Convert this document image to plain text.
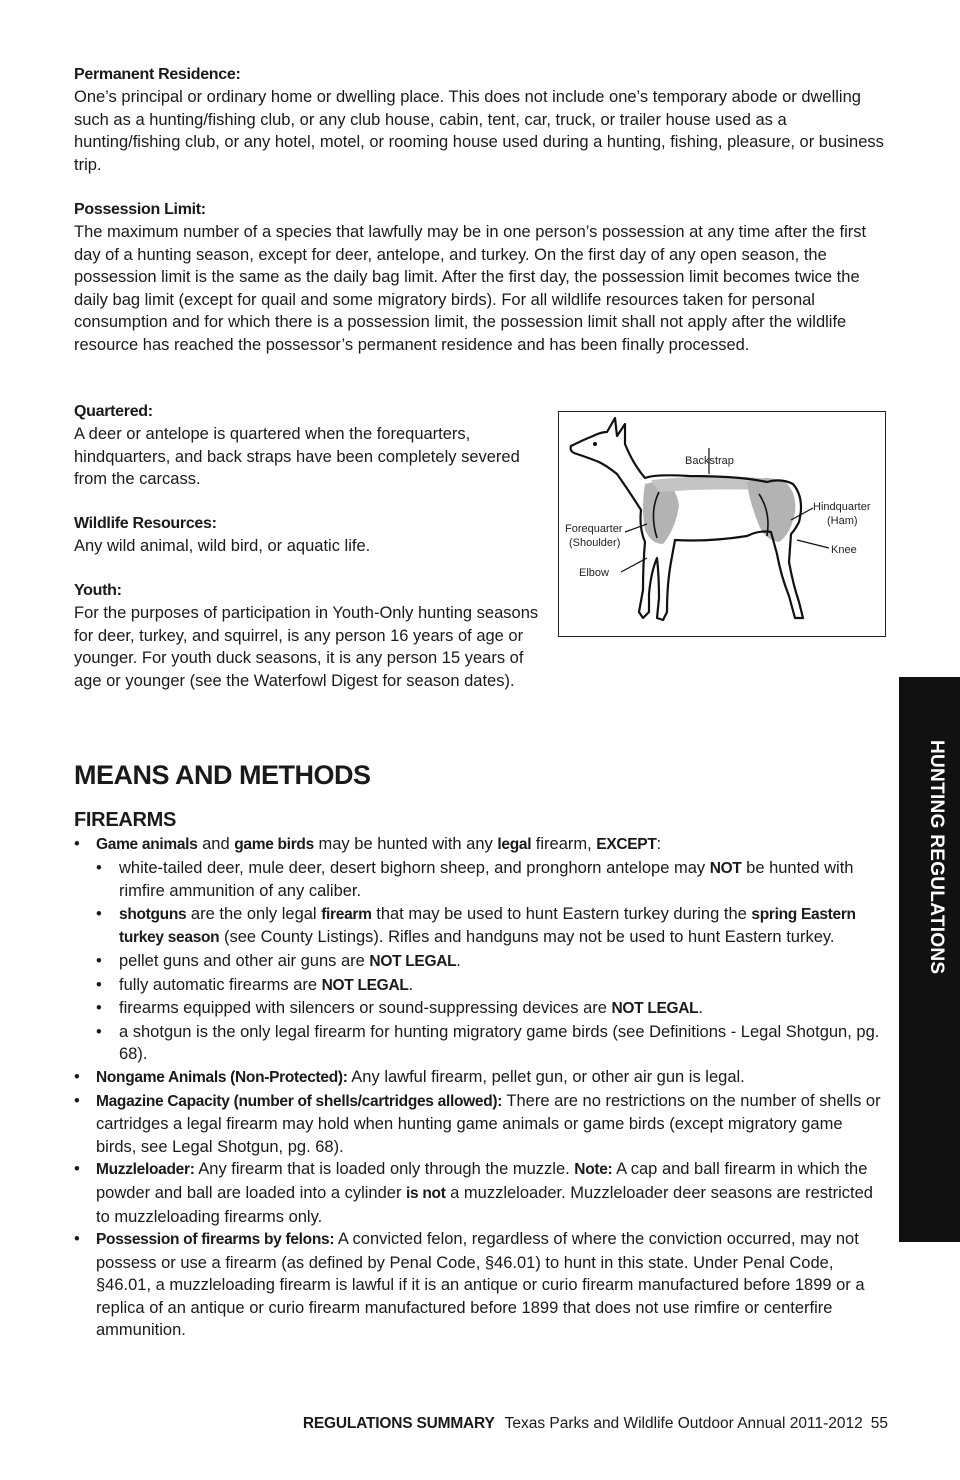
Permanent Residence:

One’s principal or ordinary home or dwelling place. This does not include one’s temporary abode or dwelling such as a hunting/fishing club, or any club house, cabin, tent, car, truck, or trailer house used as a hunting/fishing club, or any hotel, motel, or rooming house used during a hunting, fishing, pleasure, or business trip.

Possession Limit:

The maximum number of a species that lawfully may be in one person’s possession at any time after the first day of a hunting season, except for deer, antelope, and turkey. On the first day of any open season, the possession limit is the same as the daily bag limit. After the first day, the possession limit becomes twice the daily bag limit (except for quail and some migratory birds). For all wildlife resources taken for personal consumption and for which there is a possession limit, the possession limit shall not apply after the wildlife resource has reached the possessor’s permanent residence and has been finally processed.

Quartered:

A deer or antelope is quartered when the forequarters, hindquarters, and back straps have been completely severed from the carcass.

Wildlife Resources:

Any wild animal, wild bird, or aquatic life.

Youth:

For the purposes of participation in Youth-Only hunting seasons for deer, turkey, and squirrel, is any person 16 years of age or younger. For youth duck seasons, it is any person 15 years of age or younger (see the Waterfowl Digest for season dates).

Backstrap
Hindquarter
(Ham)
Knee
Forequarter
(Shoulder)
Elbow
MEANS AND METHODS
FIREARMS
• Game animals and game birds may be hunted with any legal firearm, EXCEPT:
• white-tailed deer, mule deer, desert bighorn sheep, and pronghorn antelope may NOT be hunted with rimfire ammunition of any caliber.
• shotguns are the only legal firearm that may be used to hunt Eastern turkey during the spring Eastern turkey season (see County Listings). Rifles and handguns may not be used to hunt Eastern turkey.
• pellet guns and other air guns are NOT LEGAL.
• fully automatic firearms are NOT LEGAL.
• firearms equipped with silencers or sound-suppressing devices are NOT LEGAL.
• a shotgun is the only legal firearm for hunting migratory game birds (see Definitions - Legal Shotgun, pg. 68).
• Nongame Animals (Non-Protected): Any lawful firearm, pellet gun, or other air gun is legal.
• Magazine Capacity (number of shells/cartridges allowed): There are no restrictions on the number of shells or cartridges a legal firearm may hold when hunting game animals or game birds (except migratory game birds, see Legal Shotgun, pg. 68).
• Muzzleloader: Any firearm that is loaded only through the muzzle. Note: A cap and ball firearm in which the powder and ball are loaded into a cylinder is not a muzzleloader. Muzzleloader deer seasons are restricted to muzzleloading firearms only.
• Possession of firearms by felons: A convicted felon, regardless of where the conviction occurred, may not possess or use a firearm (as defined by Penal Code, §46.01) to hunt in this state. Under Penal Code, §46.01, a muzzleloading firearm is lawful if it is an antique or curio firearm manufactured before 1899 or a replica of an antique or curio firearm manufactured before 1899 that does not use rimfire or centerfire ammunition.
HUNTING REGULATIONS
REGULATIONS SUMMARY Texas Parks and Wildlife Outdoor Annual 2011-2012 55
